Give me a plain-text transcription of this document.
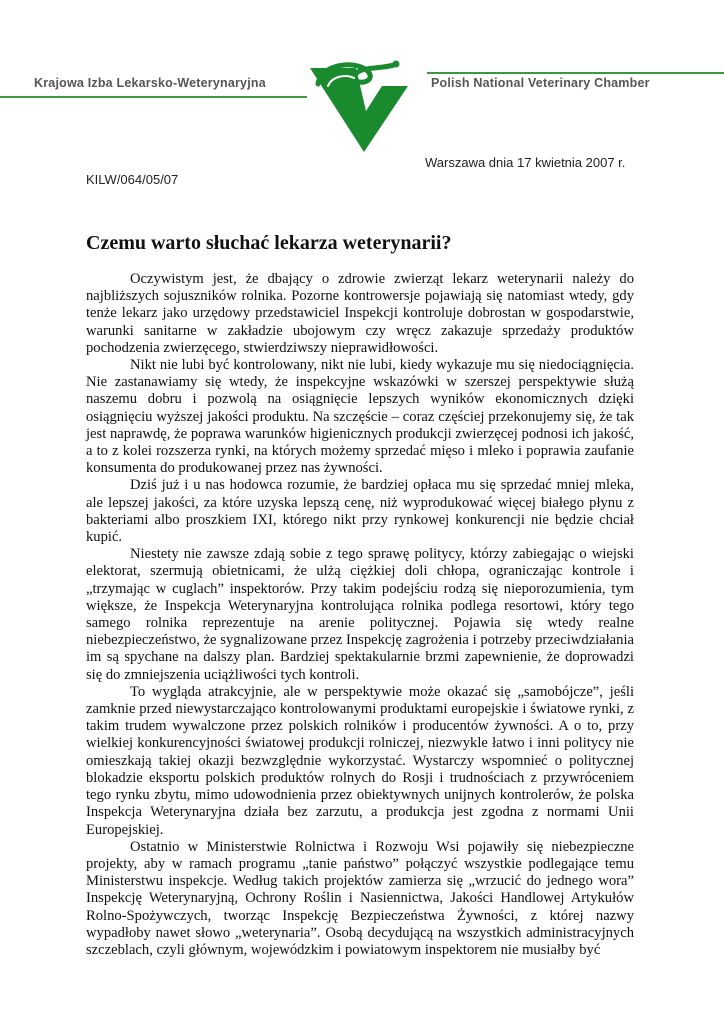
Krajowa Izba Lekarsko-Weterynaryjna	Polish National Veterinary Chamber
Warszawa dnia 17 kwietnia 2007 r.
KILW/064/05/07
Czemu warto słuchać lekarza weterynarii?

Oczywistym jest, że dbający o zdrowie zwierząt lekarz weterynarii należy do najbliższych sojuszników rolnika. Pozorne kontrowersje pojawiają się natomiast wtedy, gdy tenże lekarz jako urzędowy przedstawiciel Inspekcji kontroluje dobrostan w gospodarstwie, warunki sanitarne w zakładzie ubojowym czy wręcz zakazuje sprzedaży produktów pochodzenia zwierzęcego, stwierdziwszy nieprawidłowości.

Nikt nie lubi być kontrolowany, nikt nie lubi, kiedy wykazuje mu się niedociągnięcia. Nie zastanawiamy się wtedy, że inspekcyjne wskazówki w szerszej perspektywie służą naszemu dobru i pozwolą na osiągnięcie lepszych wyników ekonomicznych dzięki osiągnięciu wyższej jakości produktu. Na szczęście – coraz częściej przekonujemy się, że tak jest naprawdę, że poprawa warunków higienicznych produkcji zwierzęcej podnosi ich jakość, a to z kolei rozszerza rynki, na których możemy sprzedać mięso i mleko i poprawia zaufanie konsumenta do produkowanej przez nas żywności.

Dziś już i u nas hodowca rozumie, że bardziej opłaca mu się sprzedać mniej mleka, ale lepszej jakości, za które uzyska lepszą cenę, niż wyprodukować więcej białego płynu z bakteriami albo proszkiem IXI, którego nikt przy rynkowej konkurencji nie będzie chciał kupić.

Niestety nie zawsze zdają sobie z tego sprawę politycy, którzy zabiegając o wiejski elektorat, szermują obietnicami, że ulżą ciężkiej doli chłopa, ograniczając kontrole i „trzymając w cuglach” inspektorów. Przy takim podejściu rodzą się nieporozumienia, tym większe, że Inspekcja Weterynaryjna kontrolująca rolnika podlega resortowi, który tego samego rolnika reprezentuje na arenie politycznej. Pojawia się wtedy realne niebezpieczeństwo, że sygnalizowane przez Inspekcję zagrożenia i potrzeby przeciwdziałania im są spychane na dalszy plan. Bardziej spektakularnie brzmi zapewnienie, że doprowadzi się do zmniejszenia uciążliwości tych kontroli.

To wygląda atrakcyjnie, ale w perspektywie może okazać się „samobójcze”, jeśli zamknie przed niewystarczająco kontrolowanymi produktami europejskie i światowe rynki, z takim trudem wywalczone przez polskich rolników i producentów żywności. A o to, przy wielkiej konkurencyjności światowej produkcji rolniczej, niezwykle łatwo i inni politycy nie omieszkają takiej okazji bezwzględnie wykorzystać. Wystarczy wspomnieć o politycznej blokadzie eksportu polskich produktów rolnych do Rosji i trudnościach z przywróceniem tego rynku zbytu, mimo udowodnienia przez obiektywnych unijnych kontrolerów, że polska Inspekcja Weterynaryjna działa bez zarzutu, a produkcja jest zgodna z normami Unii Europejskiej.

Ostatnio w Ministerstwie Rolnictwa i Rozwoju Wsi pojawiły się niebezpieczne projekty, aby w ramach programu „tanie państwo” połączyć wszystkie podlegające temu Ministerstwu inspekcje. Według takich projektów zamierza się „wrzucić do jednego wora” Inspekcję Weterynaryjną, Ochrony Roślin i Nasiennictwa, Jakości Handlowej Artykułów Rolno-Spożywczych, tworząc Inspekcję Bezpieczeństwa Żywności, z której nazwy wypadłoby nawet słowo „weterynaria”. Osobą decydującą na wszystkich administracyjnych szczeblach, czyli głównym, wojewódzkim i powiatowym inspektorem nie musiałby być
